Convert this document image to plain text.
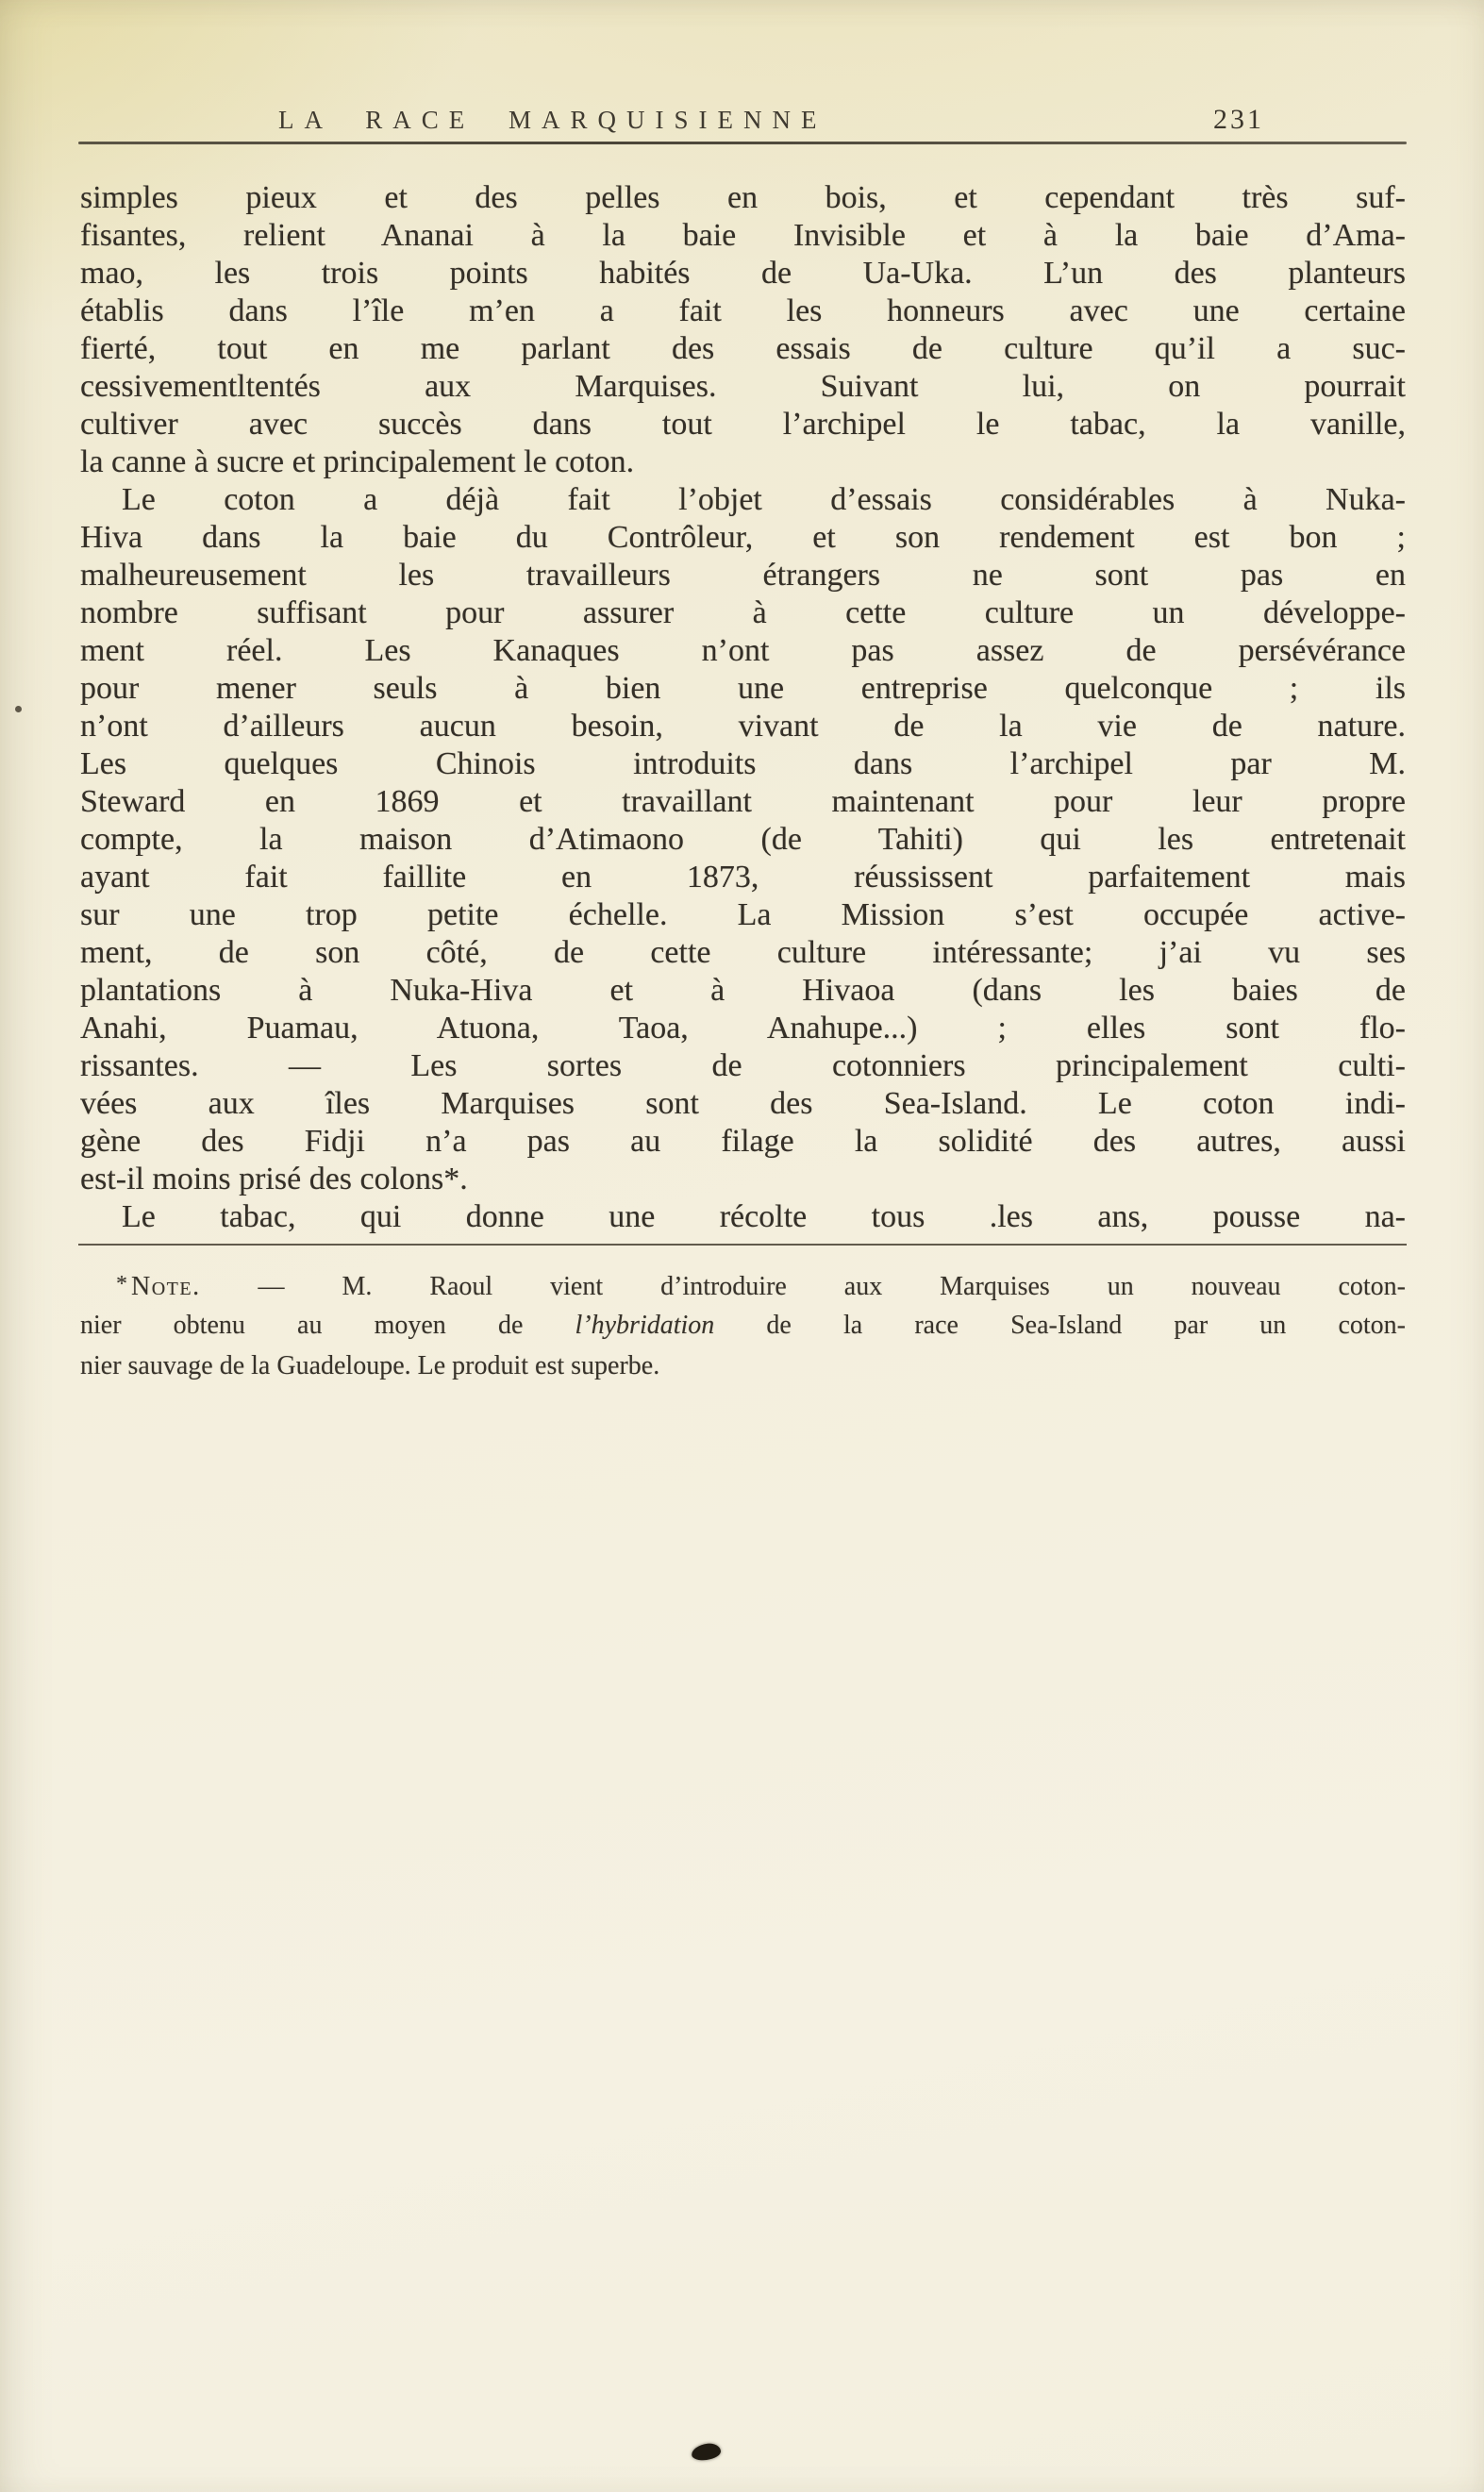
LA RACE MARQUISIENNE	231
simples pieux et des pelles en bois, et cependant très suf-
fisantes, relient Ananai à la baie Invisible et à la baie d’Ama-
mao, les trois points habités de Ua-Uka. L’un des planteurs
établis dans l’île m’en a fait les honneurs avec une certaine
fierté, tout en me parlant des essais de culture qu’il a suc-
cessivementltentés aux Marquises. Suivant lui, on pourrait
cultiver avec succès dans tout l’archipel le tabac, la vanille,
la canne à sucre et principalement le coton.
Le coton a déjà fait l’objet d’essais considérables à Nuka-
Hiva dans la baie du Contrôleur, et son rendement est bon ;
malheureusement les travailleurs étrangers ne sont pas en
nombre suffisant pour assurer à cette culture un développe-
ment réel. Les Kanaques n’ont pas assez de persévérance
pour mener seuls à bien une entreprise quelconque ; ils
n’ont d’ailleurs aucun besoin, vivant de la vie de nature.
Les quelques Chinois introduits dans l’archipel par M.
Steward en 1869 et travaillant maintenant pour leur propre
compte, la maison d’Atimaono (de Tahiti) qui les entretenait
ayant fait faillite en 1873, réussissent parfaitement mais
sur une trop petite échelle. La Mission s’est occupée active-
ment, de son côté, de cette culture intéressante; j’ai vu ses
plantations à Nuka-Hiva et à Hivaoa (dans les baies de
Anahi, Puamau, Atuona, Taoa, Anahupe...) ; elles sont flo-
rissantes. — Les sortes de cotonniers principalement culti-
vées aux îles Marquises sont des Sea-Island. Le coton indi-
gène des Fidji n’a pas au filage la solidité des autres, aussi
est-il moins prisé des colons*.
Le tabac, qui donne une récolte tous .les ans, pousse na-
* Note. — M. Raoul vient d’introduire aux Marquises un nouveau coton-
nier obtenu au moyen de l’hybridation de la race Sea-Island par un coton-
nier sauvage de la Guadeloupe. Le produit est superbe.
